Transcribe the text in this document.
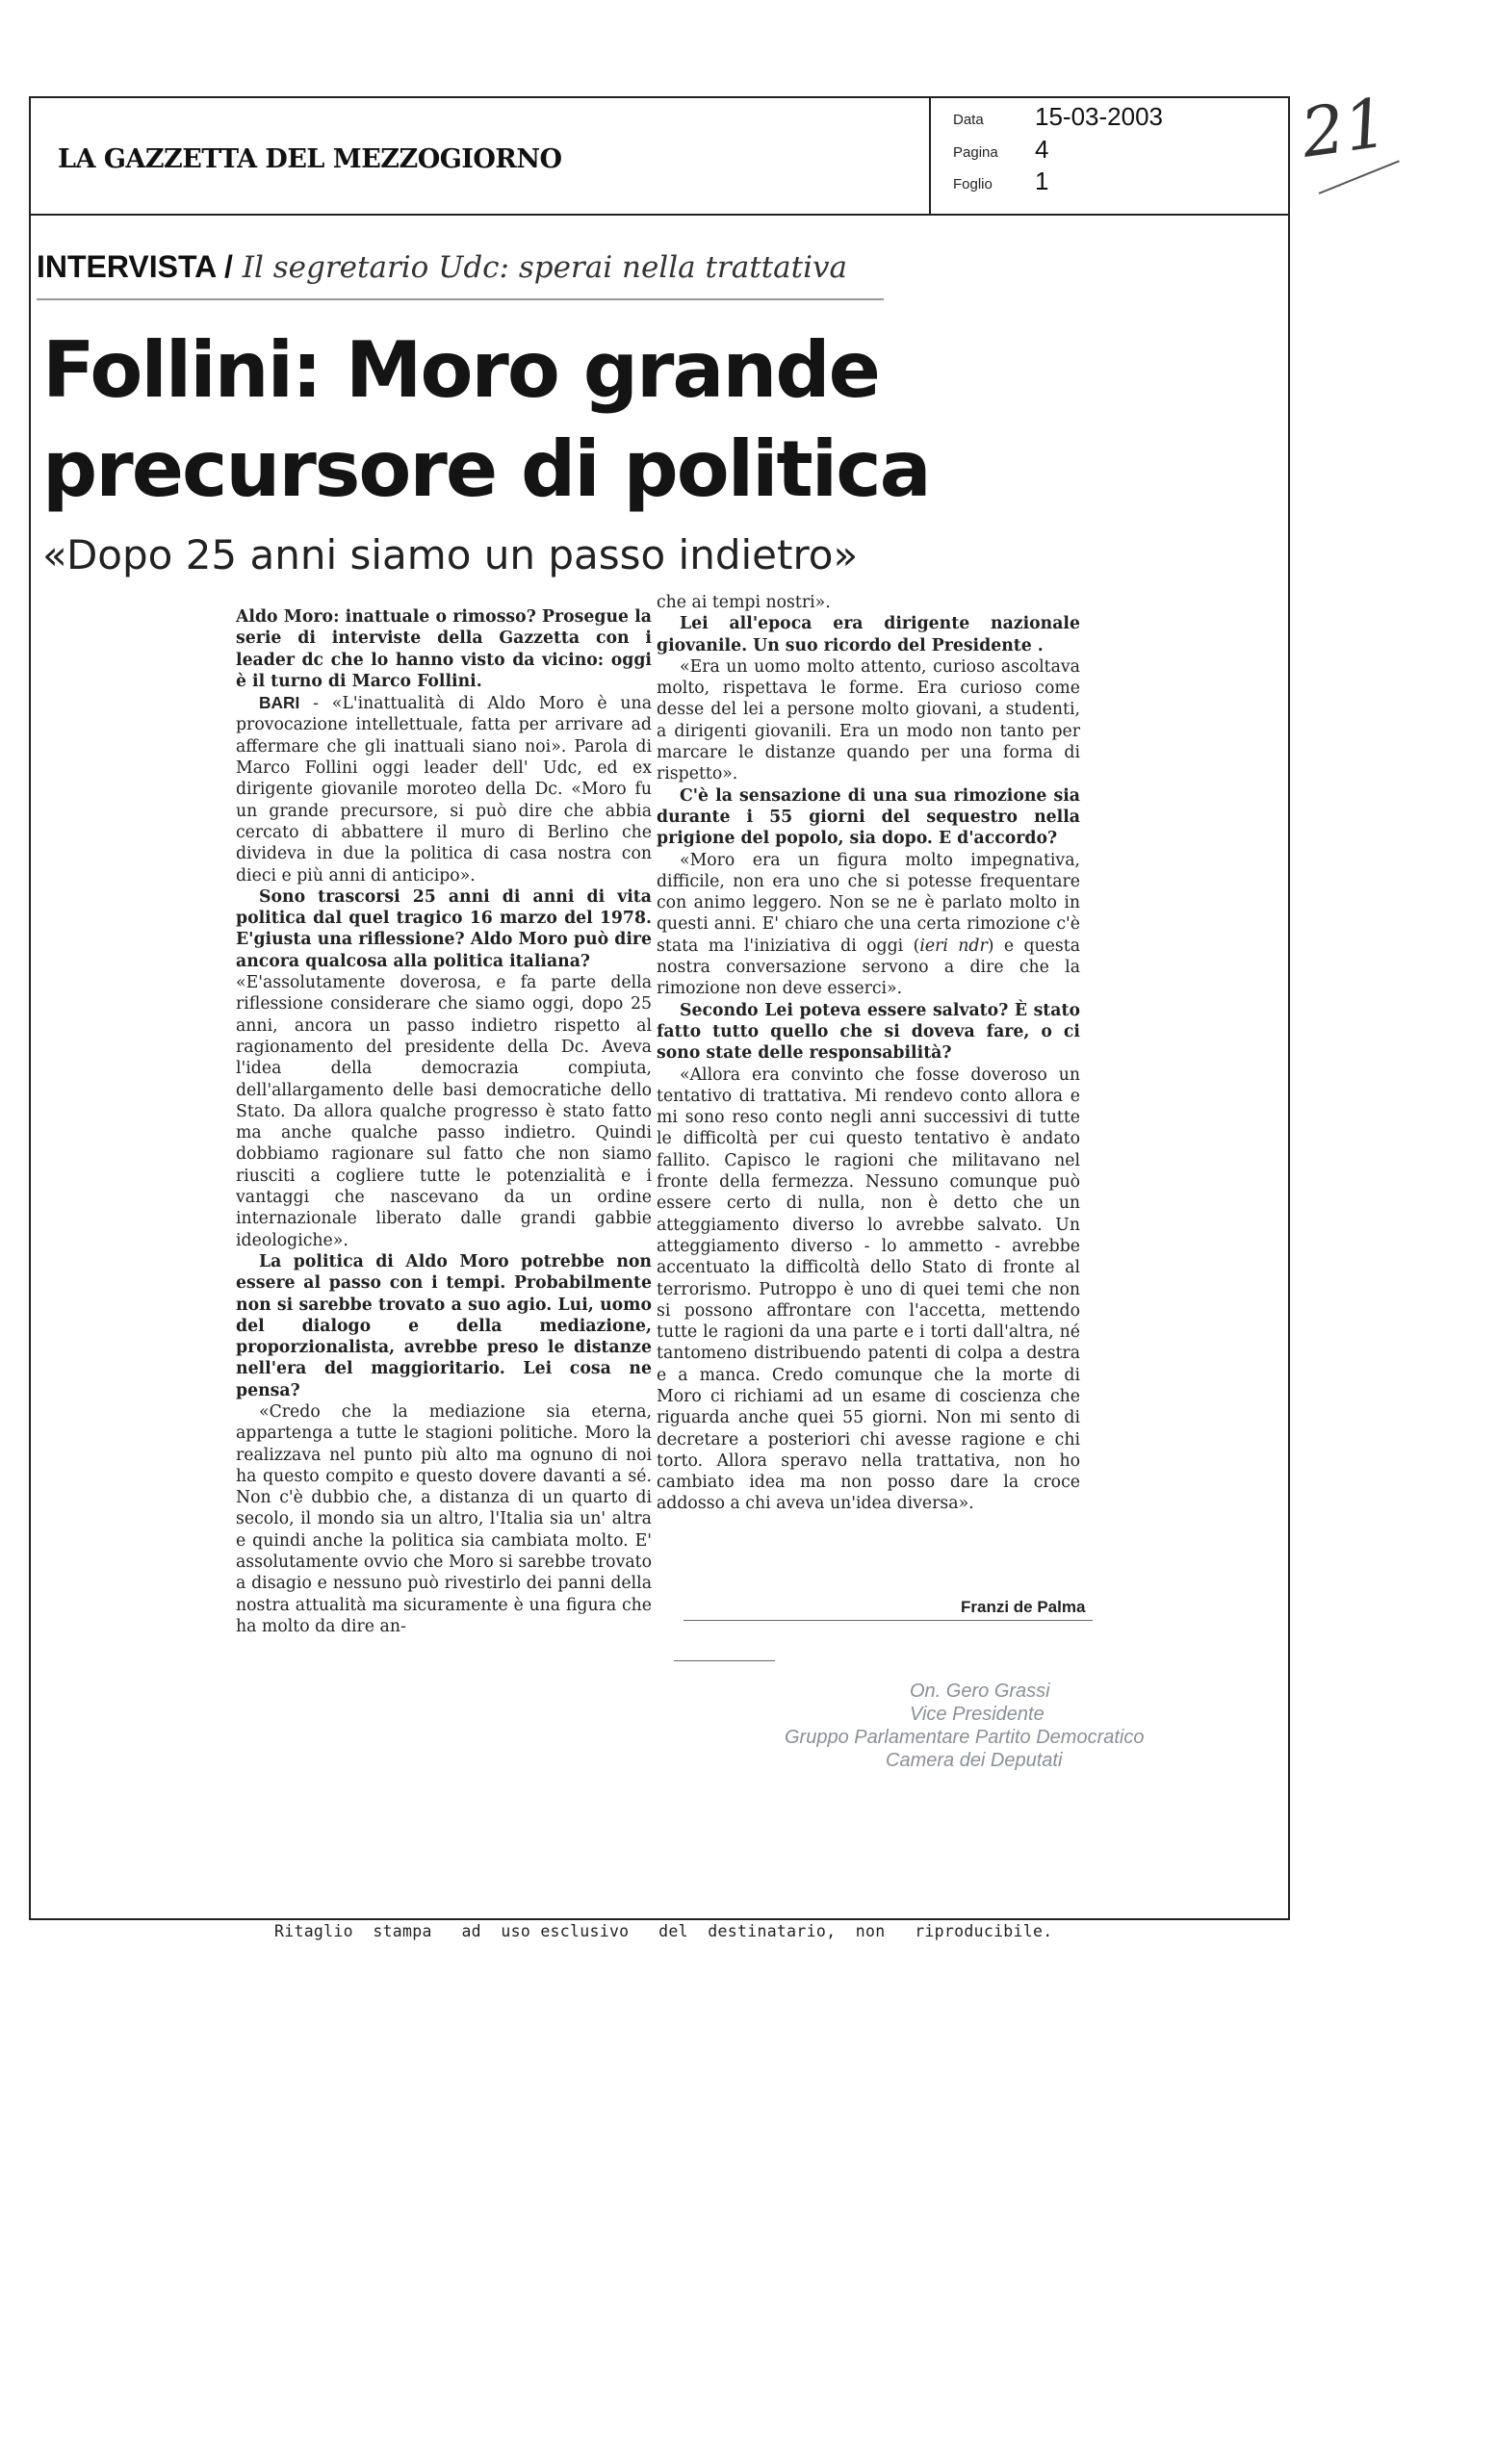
LA GAZZETTA DEL MEZZOGIORNO
Data 15-03-2003
Pagina 4
Foglio 1
21
INTERVISTA / Il segretario Udc: sperai nella trattativa
Follini: Moro grande
precursore di politica
«Dopo 25 anni siamo un passo indietro»

Aldo Moro: inattuale o rimosso? Prosegue la serie di interviste della Gazzetta con i leader dc che lo hanno visto da vicino: oggi è il turno di Marco Follini.

BARI - «L'inattualità di Aldo Moro è una provocazione intellettuale, fatta per arrivare ad affermare che gli inattuali siano noi». Parola di Marco Follini oggi leader dell' Udc, ed ex dirigente giovanile moroteo della Dc. «Moro fu un grande precursore, si può dire che abbia cercato di abbattere il muro di Berlino che divideva in due la politica di casa nostra con dieci e più anni di anticipo».

Sono trascorsi 25 anni di anni di vita politica dal quel tragico 16 marzo del 1978. E'giusta una riflessione? Aldo Moro può dire ancora qualcosa alla politica italiana?

«E'assolutamente doverosa, e fa parte della riflessione considerare che siamo oggi, dopo 25 anni, ancora un passo indietro rispetto al ragionamento del presidente della Dc. Aveva l'idea della democrazia compiuta, dell'allargamento delle basi democratiche dello Stato. Da allora qualche progresso è stato fatto ma anche qualche passo indietro. Quindi dobbiamo ragionare sul fatto che non siamo riusciti a cogliere tutte le potenzialità e i vantaggi che nascevano da un ordine internazionale liberato dalle grandi gabbie ideologiche».

La politica di Aldo Moro potrebbe non essere al passo con i tempi. Probabilmente non si sarebbe trovato a suo agio. Lui, uomo del dialogo e della mediazione, proporzionalista, avrebbe preso le distanze nell'era del maggioritario. Lei cosa ne pensa?

«Credo che la mediazione sia eterna, appartenga a tutte le stagioni politiche. Moro la realizzava nel punto più alto ma ognuno di noi ha questo compito e questo dovere davanti a sé. Non c'è dubbio che, a distanza di un quarto di secolo, il mondo sia un altro, l'Italia sia un' altra e quindi anche la politica sia cambiata molto. E' assolutamente ovvio che Moro si sarebbe trovato a disagio e nessuno può rivestirlo dei panni della nostra attualità ma sicuramente è una figura che ha molto da dire an-

che ai tempi nostri».

Lei all'epoca era dirigente nazionale giovanile. Un suo ricordo del Presidente .

«Era un uomo molto attento, curioso ascoltava molto, rispettava le forme. Era curioso come desse del lei a persone molto giovani, a studenti, a dirigenti giovanili. Era un modo non tanto per marcare le distanze quando per una forma di rispetto».

C'è la sensazione di una sua rimozione sia durante i 55 giorni del sequestro nella prigione del popolo, sia dopo. E d'accordo?

«Moro era un figura molto impegnativa, difficile, non era uno che si potesse frequentare con animo leggero. Non se ne è parlato molto in questi anni. E' chiaro che una certa rimozione c'è stata ma l'iniziativa di oggi (ieri ndr) e questa nostra conversazione servono a dire che la rimozione non deve esserci».

Secondo Lei poteva essere salvato? È stato fatto tutto quello che si doveva fare, o ci sono state delle responsabilità?

«Allora era convinto che fosse doveroso un tentativo di trattativa. Mi rendevo conto allora e mi sono reso conto negli anni successivi di tutte le difficoltà per cui questo tentativo è andato fallito. Capisco le ragioni che militavano nel fronte della fermezza. Nessuno comunque può essere certo di nulla, non è detto che un atteggiamento diverso lo avrebbe salvato. Un atteggiamento diverso - lo ammetto - avrebbe accentuato la difficoltà dello Stato di fronte al terrorismo. Putroppo è uno di quei temi che non si possono affrontare con l'accetta, mettendo tutte le ragioni da una parte e i torti dall'altra, né tantomeno distribuendo patenti di colpa a destra e a manca. Credo comunque che la morte di Moro ci richiami ad un esame di coscienza che riguarda anche quei 55 giorni. Non mi sento di decretare a posteriori chi avesse ragione e chi torto. Allora speravo nella trattativa, non ho cambiato idea ma non posso dare la croce addosso a chi aveva un'idea diversa».

Franzi de Palma
On. Gero Grassi
Vice Presidente
Gruppo Parlamentare Partito Democratico
Camera dei Deputati
Ritaglio  stampa   ad  uso esclusivo   del  destinatario,  non   riproducibile.
